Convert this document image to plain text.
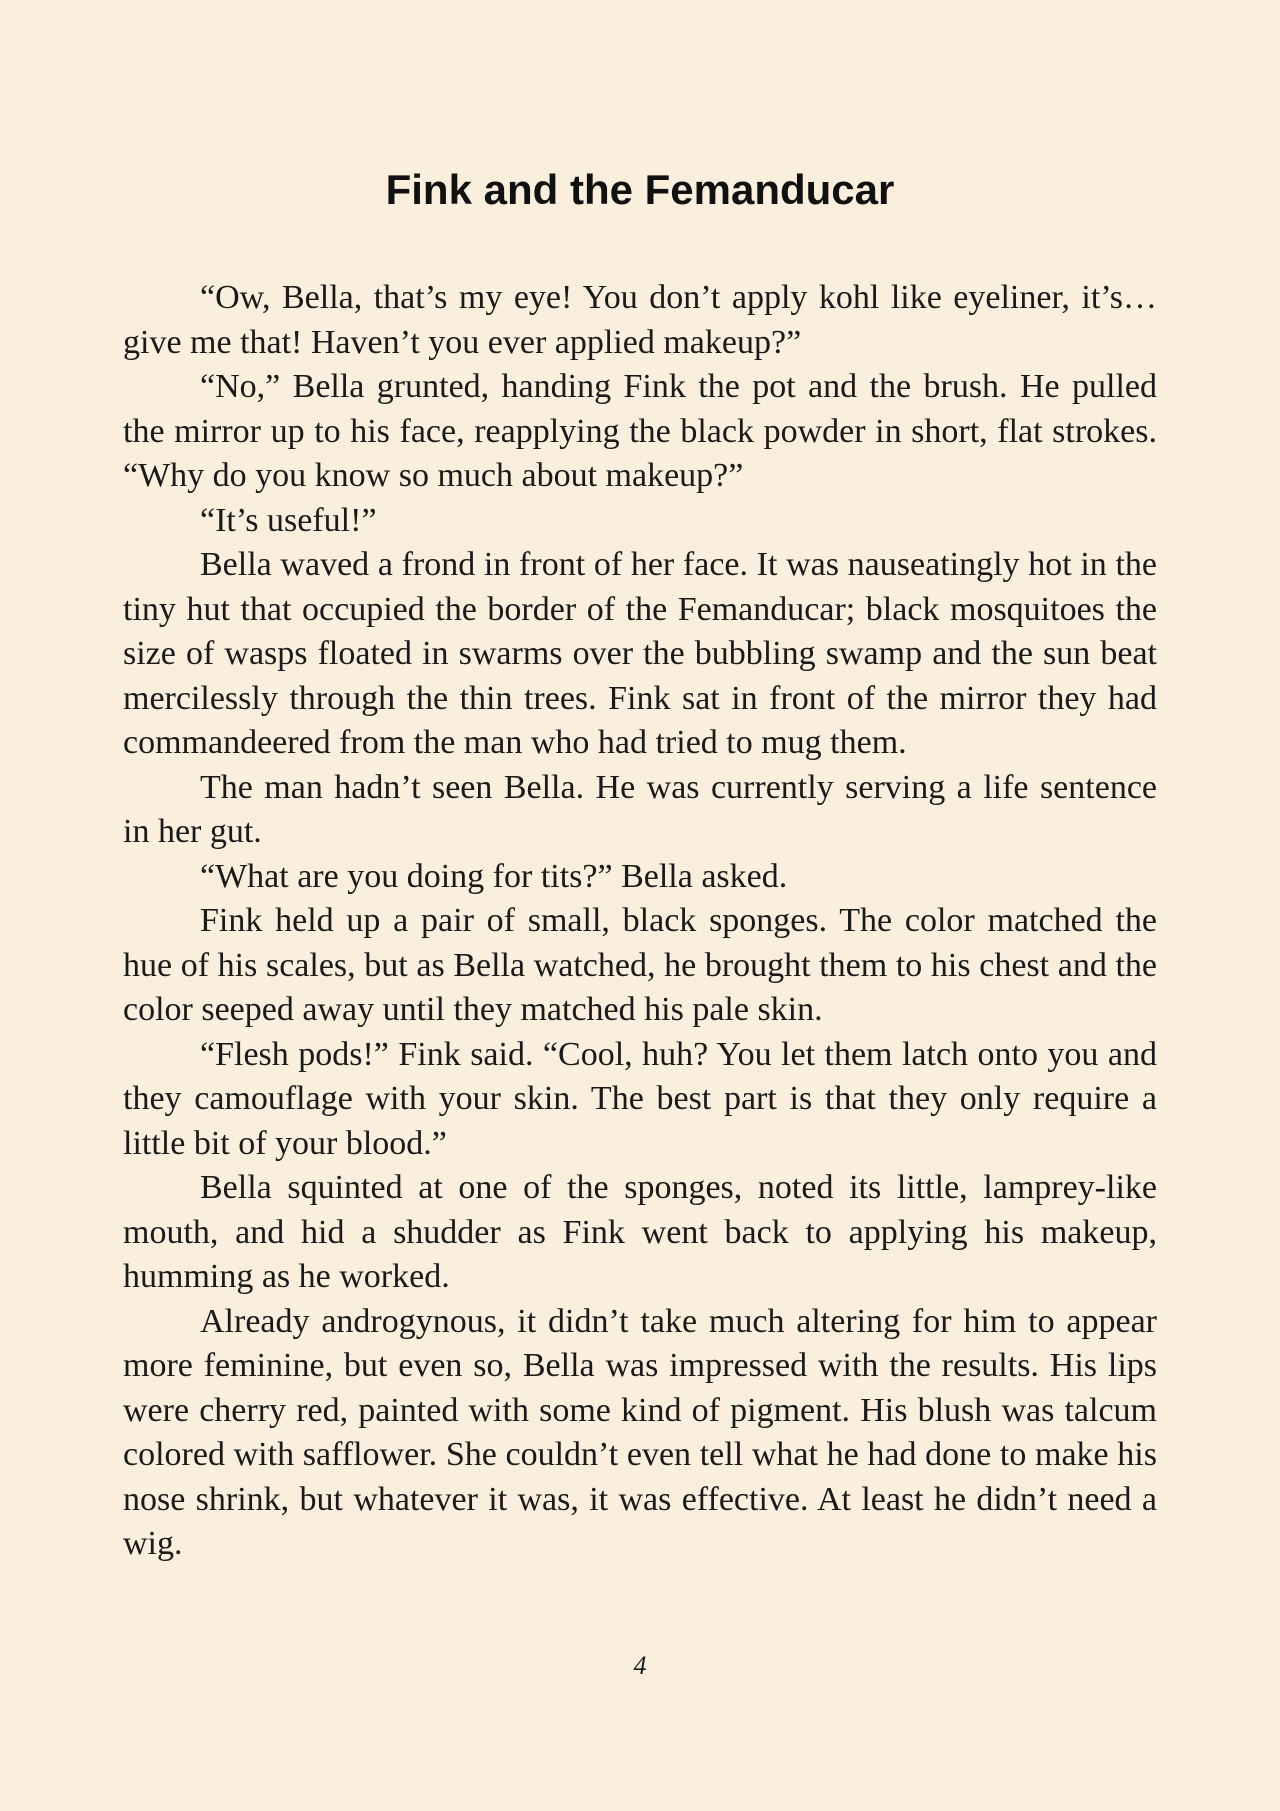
Fink and the Femanducar

“Ow, Bella, that’s my eye! You don’t apply kohl like eyeliner, it’s…give me that! Haven’t you ever applied makeup?”

“No,” Bella grunted, handing Fink the pot and the brush. He pulled the mirror up to his face, reapplying the black powder in short, flat strokes. “Why do you know so much about makeup?”

“It’s useful!”

Bella waved a frond in front of her face. It was nauseatingly hot in the tiny hut that occupied the border of the Femanducar; black mosquitoes the size of wasps floated in swarms over the bubbling swamp and the sun beat mercilessly through the thin trees. Fink sat in front of the mirror they had commandeered from the man who had tried to mug them.

The man hadn’t seen Bella. He was currently serving a life sentence in her gut.

“What are you doing for tits?” Bella asked.

Fink held up a pair of small, black sponges. The color matched the hue of his scales, but as Bella watched, he brought them to his chest and the color seeped away until they matched his pale skin.

“Flesh pods!” Fink said. “Cool, huh? You let them latch onto you and they camouflage with your skin. The best part is that they only require a little bit of your blood.”

Bella squinted at one of the sponges, noted its little, lamprey-like mouth, and hid a shudder as Fink went back to applying his makeup, humming as he worked.

Already androgynous, it didn’t take much altering for him to appear more feminine, but even so, Bella was impressed with the results. His lips were cherry red, painted with some kind of pigment. His blush was talcum colored with safflower. She couldn’t even tell what he had done to make his nose shrink, but whatever it was, it was effective. At least he didn’t need a wig.

4
